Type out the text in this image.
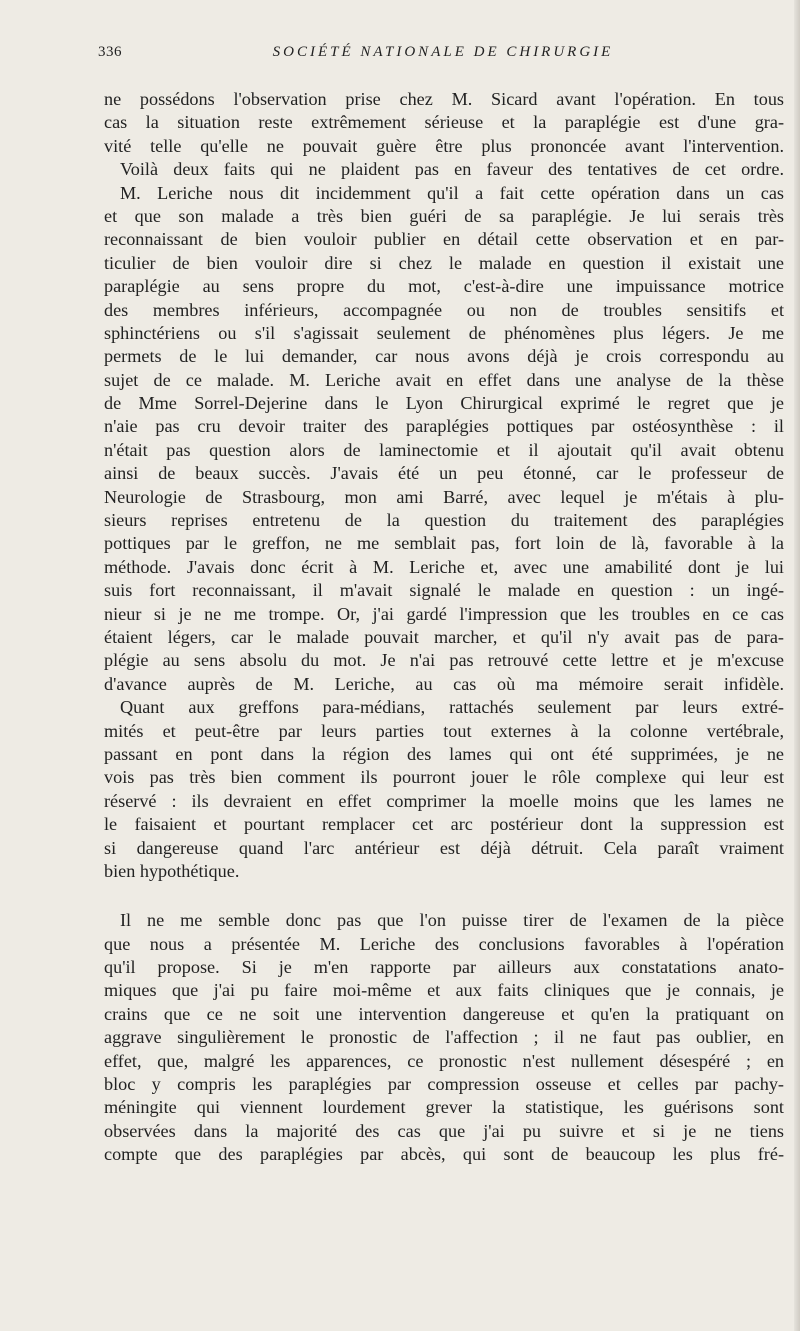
336	SOCIÉTÉ NATIONALE DE CHIRURGIE
ne possédons l'observation prise chez M. Sicard avant l'opération. En tous
cas la situation reste extrêmement sérieuse et la paraplégie est d'une gra-
vité telle qu'elle ne pouvait guère être plus prononcée avant l'intervention.
Voilà deux faits qui ne plaident pas en faveur des tentatives de cet ordre.
M. Leriche nous dit incidemment qu'il a fait cette opération dans un cas
et que son malade a très bien guéri de sa paraplégie. Je lui serais très
reconnaissant de bien vouloir publier en détail cette observation et en par-
ticulier de bien vouloir dire si chez le malade en question il existait une
paraplégie au sens propre du mot, c'est-à-dire une impuissance motrice
des membres inférieurs, accompagnée ou non de troubles sensitifs et
sphinctériens ou s'il s'agissait seulement de phénomènes plus légers. Je me
permets de le lui demander, car nous avons déjà je crois correspondu au
sujet de ce malade. M. Leriche avait en effet dans une analyse de la thèse
de Mme Sorrel-Dejerine dans le Lyon Chirurgical exprimé le regret que je
n'aie pas cru devoir traiter des paraplégies pottiques par ostéosynthèse : il
n'était pas question alors de laminectomie et il ajoutait qu'il avait obtenu
ainsi de beaux succès. J'avais été un peu étonné, car le professeur de
Neurologie de Strasbourg, mon ami Barré, avec lequel je m'étais à plu-
sieurs reprises entretenu de la question du traitement des paraplégies
pottiques par le greffon, ne me semblait pas, fort loin de là, favorable à la
méthode. J'avais donc écrit à M. Leriche et, avec une amabilité dont je lui
suis fort reconnaissant, il m'avait signalé le malade en question : un ingé-
nieur si je ne me trompe. Or, j'ai gardé l'impression que les troubles en ce cas
étaient légers, car le malade pouvait marcher, et qu'il n'y avait pas de para-
plégie au sens absolu du mot. Je n'ai pas retrouvé cette lettre et je m'excuse
d'avance auprès de M. Leriche, au cas où ma mémoire serait infidèle.
Quant aux greffons para-médians, rattachés seulement par leurs extré-
mités et peut-être par leurs parties tout externes à la colonne vertébrale,
passant en pont dans la région des lames qui ont été supprimées, je ne
vois pas très bien comment ils pourront jouer le rôle complexe qui leur est
réservé : ils devraient en effet comprimer la moelle moins que les lames ne
le faisaient et pourtant remplacer cet arc postérieur dont la suppression est
si dangereuse quand l'arc antérieur est déjà détruit. Cela paraît vraiment
bien hypothétique.
Il ne me semble donc pas que l'on puisse tirer de l'examen de la pièce
que nous a présentée M. Leriche des conclusions favorables à l'opération
qu'il propose. Si je m'en rapporte par ailleurs aux constatations anato-
miques que j'ai pu faire moi-même et aux faits cliniques que je connais, je
crains que ce ne soit une intervention dangereuse et qu'en la pratiquant on
aggrave singulièrement le pronostic de l'affection ; il ne faut pas oublier, en
effet, que, malgré les apparences, ce pronostic n'est nullement désespéré ; en
bloc y compris les paraplégies par compression osseuse et celles par pachy-
méningite qui viennent lourdement grever la statistique, les guérisons sont
observées dans la majorité des cas que j'ai pu suivre et si je ne tiens
compte que des paraplégies par abcès, qui sont de beaucoup les plus fré-
